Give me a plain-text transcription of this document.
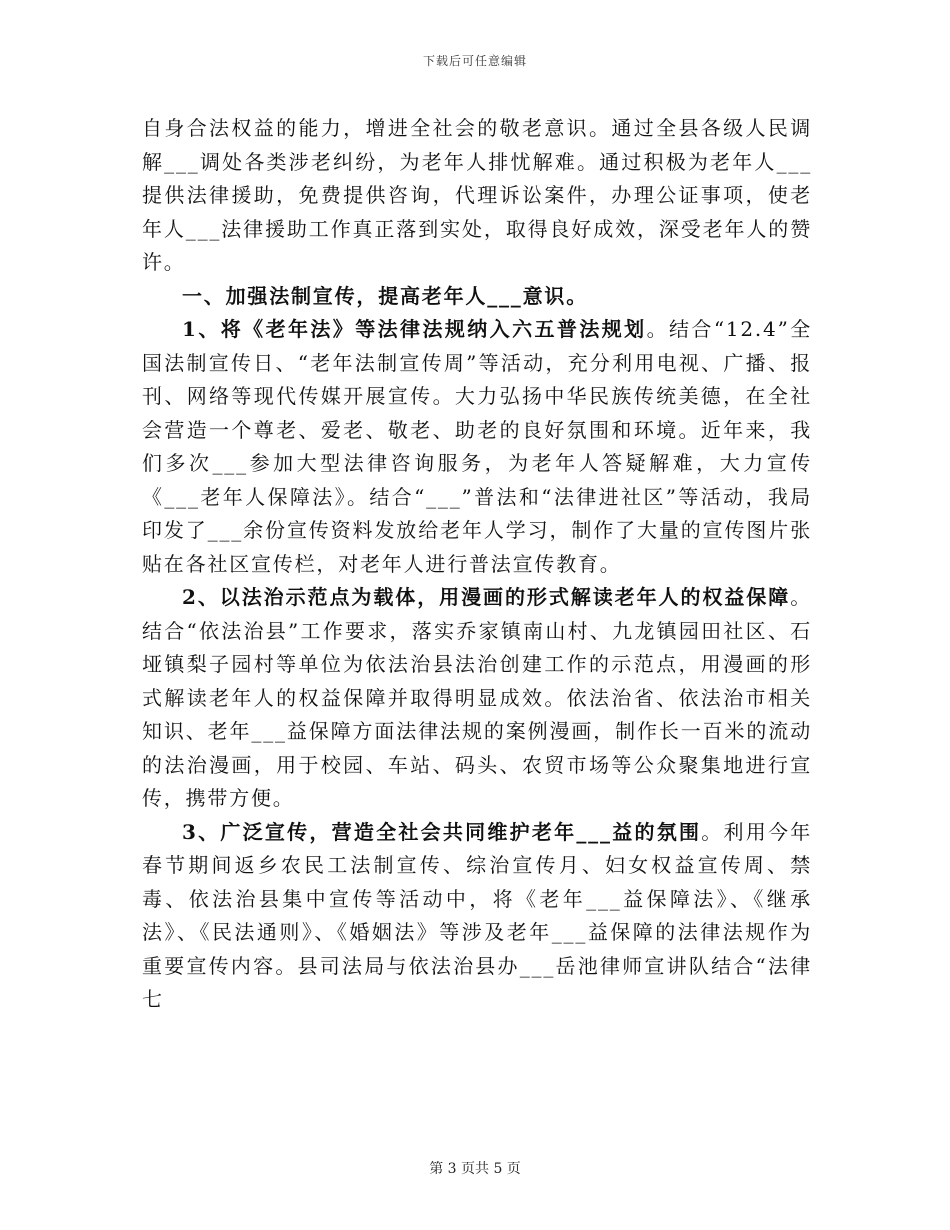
下载后可任意编辑

自身合法权益的能力，增进全社会的敬老意识。通过全县各级人民调解___调处各类涉老纠纷，为老年人排忧解难。通过积极为老年人___提供法律援助，免费提供咨询，代理诉讼案件，办理公证事项，使老年人___法律援助工作真正落到实处，取得良好成效，深受老年人的赞许。

一、加强法制宣传，提高老年人___意识。

1、将《老年法》等法律法规纳入六五普法规划。结合“12.4”全国法制宣传日、“老年法制宣传周”等活动，充分利用电视、广播、报刊、网络等现代传媒开展宣传。大力弘扬中华民族传统美德，在全社会营造一个尊老、爱老、敬老、助老的良好氛围和环境。近年来，我们多次___参加大型法律咨询服务，为老年人答疑解难，大力宣传《___老年人保障法》。结合“___”普法和“法律进社区”等活动，我局印发了___余份宣传资料发放给老年人学习，制作了大量的宣传图片张贴在各社区宣传栏，对老年人进行普法宣传教育。

2、以法治示范点为载体，用漫画的形式解读老年人的权益保障。结合“依法治县”工作要求，落实乔家镇南山村、九龙镇园田社区、石垭镇梨子园村等单位为依法治县法治创建工作的示范点，用漫画的形式解读老年人的权益保障并取得明显成效。依法治省、依法治市相关知识、老年___益保障方面法律法规的案例漫画，制作长一百米的流动的法治漫画，用于校园、车站、码头、农贸市场等公众聚集地进行宣传，携带方便。

3、广泛宣传，营造全社会共同维护老年___益的氛围。利用今年春节期间返乡农民工法制宣传、综治宣传月、妇女权益宣传周、禁毒、依法治县集中宣传等活动中，将《老年___益保障法》、《继承法》、《民法通则》、《婚姻法》等涉及老年___益保障的法律法规作为重要宣传内容。县司法局与依法治县办___岳池律师宣讲队结合“法律七

第 3 页共 5 页
